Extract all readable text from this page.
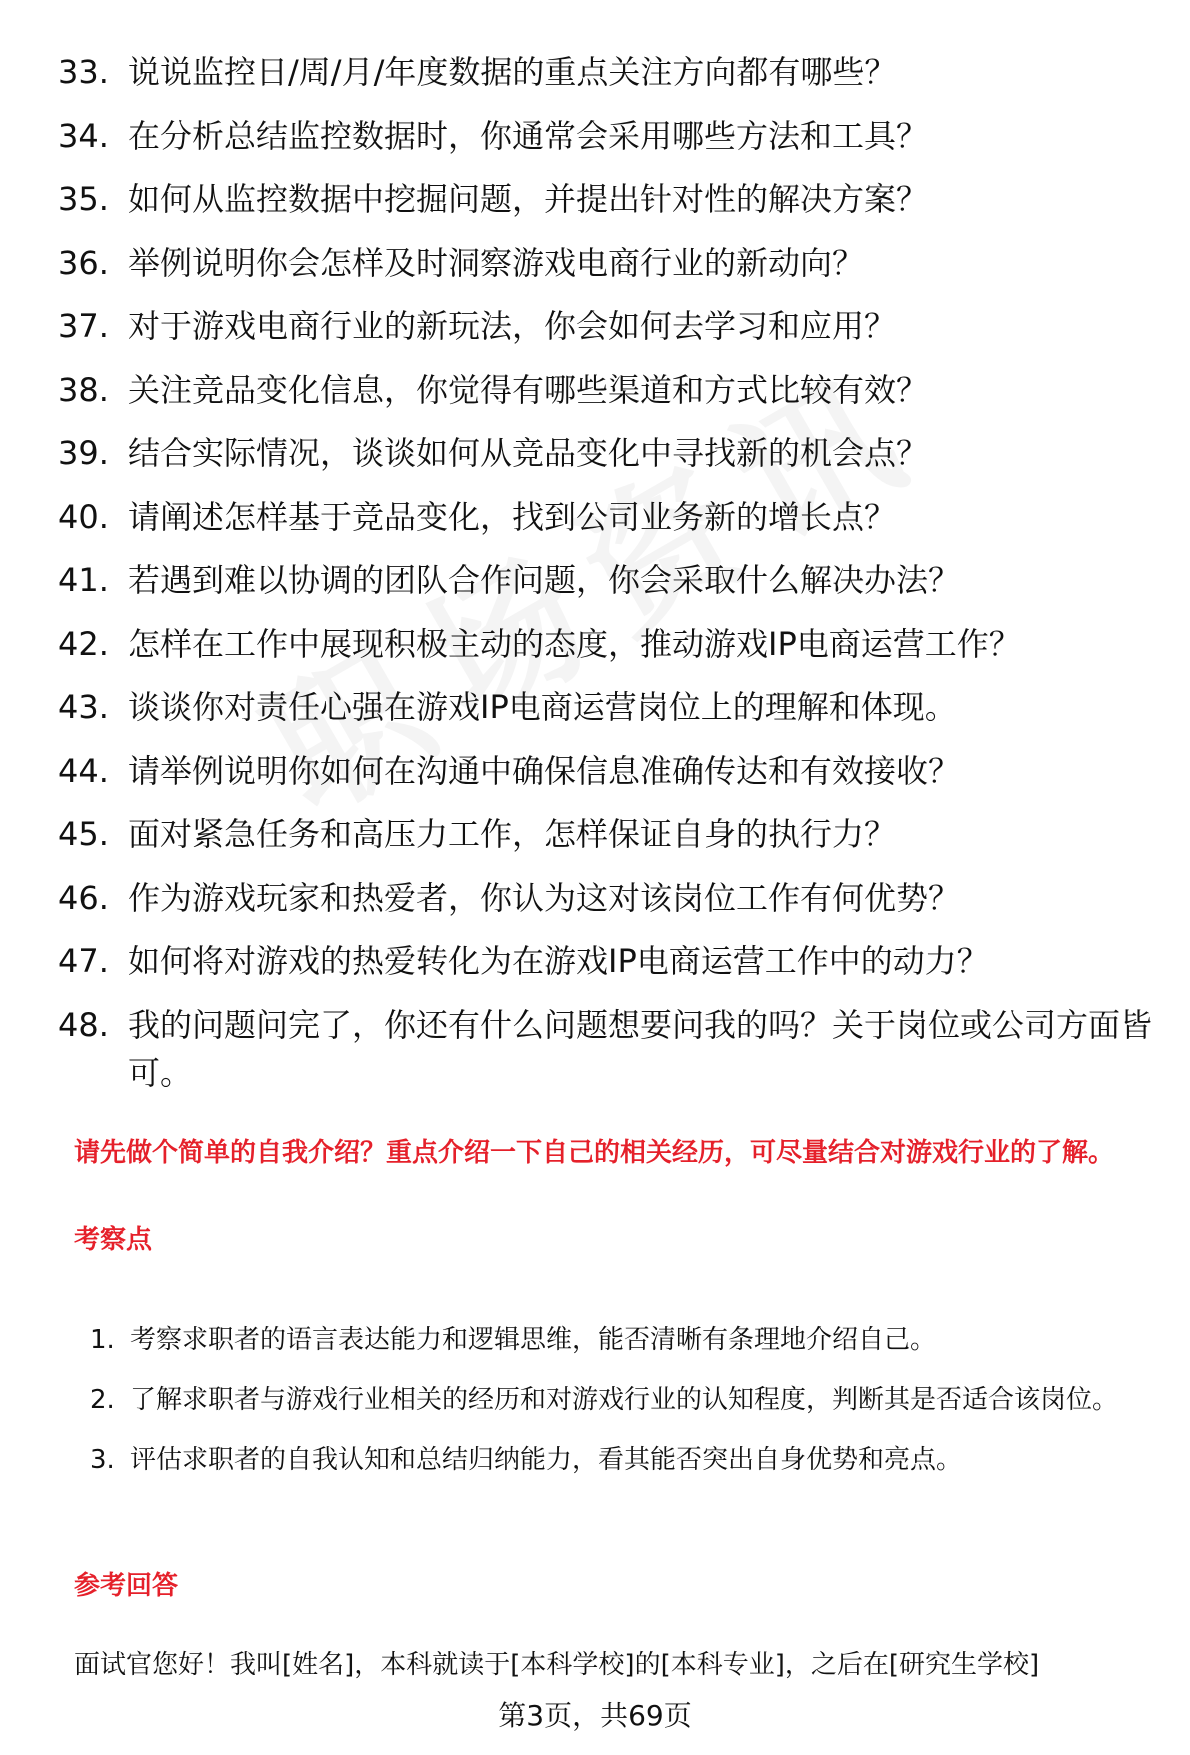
33. 说说监控日/周/月/年度数据的重点关注方向都有哪些？
34. 在分析总结监控数据时，你通常会采用哪些方法和工具？
35. 如何从监控数据中挖掘问题，并提出针对性的解决方案？
36. 举例说明你会怎样及时洞察游戏电商行业的新动向？
37. 对于游戏电商行业的新玩法，你会如何去学习和应用？
38. 关注竞品变化信息，你觉得有哪些渠道和方式比较有效？
39. 结合实际情况，谈谈如何从竞品变化中寻找新的机会点？
40. 请阐述怎样基于竞品变化，找到公司业务新的增长点？
41. 若遇到难以协调的团队合作问题，你会采取什么解决办法？
42. 怎样在工作中展现积极主动的态度，推动游戏IP电商运营工作？
43. 谈谈你对责任心强在游戏IP电商运营岗位上的理解和体现。
44. 请举例说明你如何在沟通中确保信息准确传达和有效接收？
45. 面对紧急任务和高压力工作，怎样保证自身的执行力？
46. 作为游戏玩家和热爱者，你认为这对该岗位工作有何优势？
47. 如何将对游戏的热爱转化为在游戏IP电商运营工作中的动力？
48. 我的问题问完了，你还有什么问题想要问我的吗？关于岗位或公司方面皆可。
请先做个简单的自我介绍？重点介绍一下自己的相关经历，可尽量结合对游戏行业的了解。
考察点
1. 考察求职者的语言表达能力和逻辑思维，能否清晰有条理地介绍自己。
2. 了解求职者与游戏行业相关的经历和对游戏行业的认知程度，判断其是否适合该岗位。
3. 评估求职者的自我认知和总结归纳能力，看其能否突出自身优势和亮点。
参考回答
面试官您好！我叫[姓名]，本科就读于[本科学校]的[本科专业]，之后在[研究生学校]
第3页，共69页
